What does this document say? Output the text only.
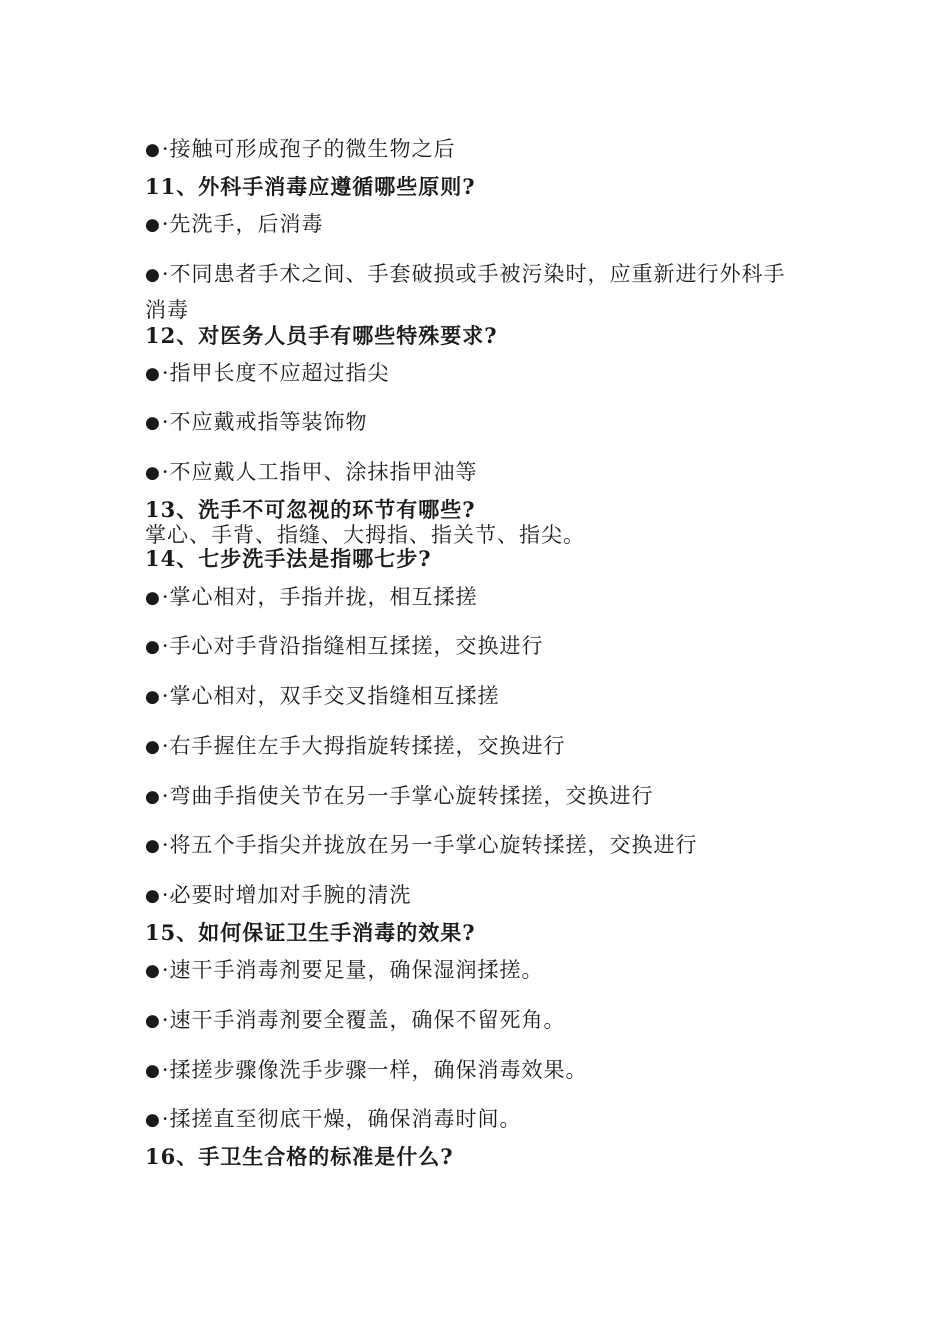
●·接触可形成孢子的微生物之后
11、外科手消毒应遵循哪些原则?
●·先洗手，后消毒
●·不同患者手术之间、手套破损或手被污染时，应重新进行外科手
消毒
12、对医务人员手有哪些特殊要求?
●·指甲长度不应超过指尖
●·不应戴戒指等装饰物
●·不应戴人工指甲、涂抹指甲油等
13、洗手不可忽视的环节有哪些?
掌心、手背、指缝、大拇指、指关节、指尖。
14、七步洗手法是指哪七步?
●·掌心相对，手指并拢，相互揉搓
●·手心对手背沿指缝相互揉搓，交换进行
●·掌心相对，双手交叉指缝相互揉搓
●·右手握住左手大拇指旋转揉搓，交换进行
●·弯曲手指使关节在另一手掌心旋转揉搓，交换进行
●·将五个手指尖并拢放在另一手掌心旋转揉搓，交换进行
●·必要时增加对手腕的清洗
15、如何保证卫生手消毒的效果?
●·速干手消毒剂要足量，确保湿润揉搓。
●·速干手消毒剂要全覆盖，确保不留死角。
●·揉搓步骤像洗手步骤一样，确保消毒效果。
●·揉搓直至彻底干燥，确保消毒时间。
16、手卫生合格的标准是什么?
